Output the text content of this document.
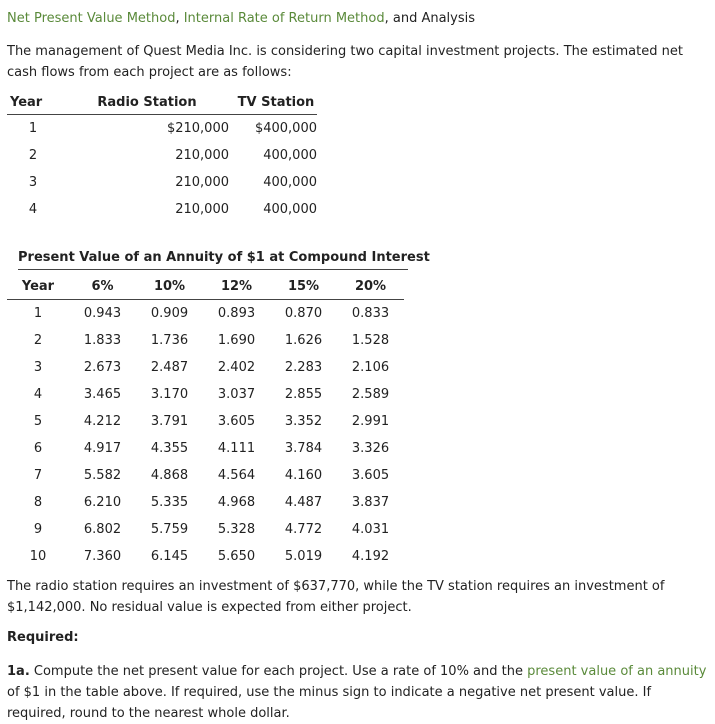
Net Present Value Method, Internal Rate of Return Method, and Analysis
The management of Quest Media Inc. is considering two capital investment projects. The estimated net cash flows from each project are as follows:
Year	Radio Station	TV Station
1	$210,000	$400,000
2	210,000	400,000
3	210,000	400,000
4	210,000	400,000
Present Value of an Annuity of $1 at Compound Interest
Year	6%	10%	12%	15%	20%
1	0.943	0.909	0.893	0.870	0.833
2	1.833	1.736	1.690	1.626	1.528
3	2.673	2.487	2.402	2.283	2.106
4	3.465	3.170	3.037	2.855	2.589
5	4.212	3.791	3.605	3.352	2.991
6	4.917	4.355	4.111	3.784	3.326
7	5.582	4.868	4.564	4.160	3.605
8	6.210	5.335	4.968	4.487	3.837
9	6.802	5.759	5.328	4.772	4.031
10	7.360	6.145	5.650	5.019	4.192
The radio station requires an investment of $637,770, while the TV station requires an investment of $1,142,000. No residual value is expected from either project.
Required:
1a. Compute the net present value for each project. Use a rate of 10% and the present value of an annuity of $1 in the table above. If required, use the minus sign to indicate a negative net present value. If required, round to the nearest whole dollar.
